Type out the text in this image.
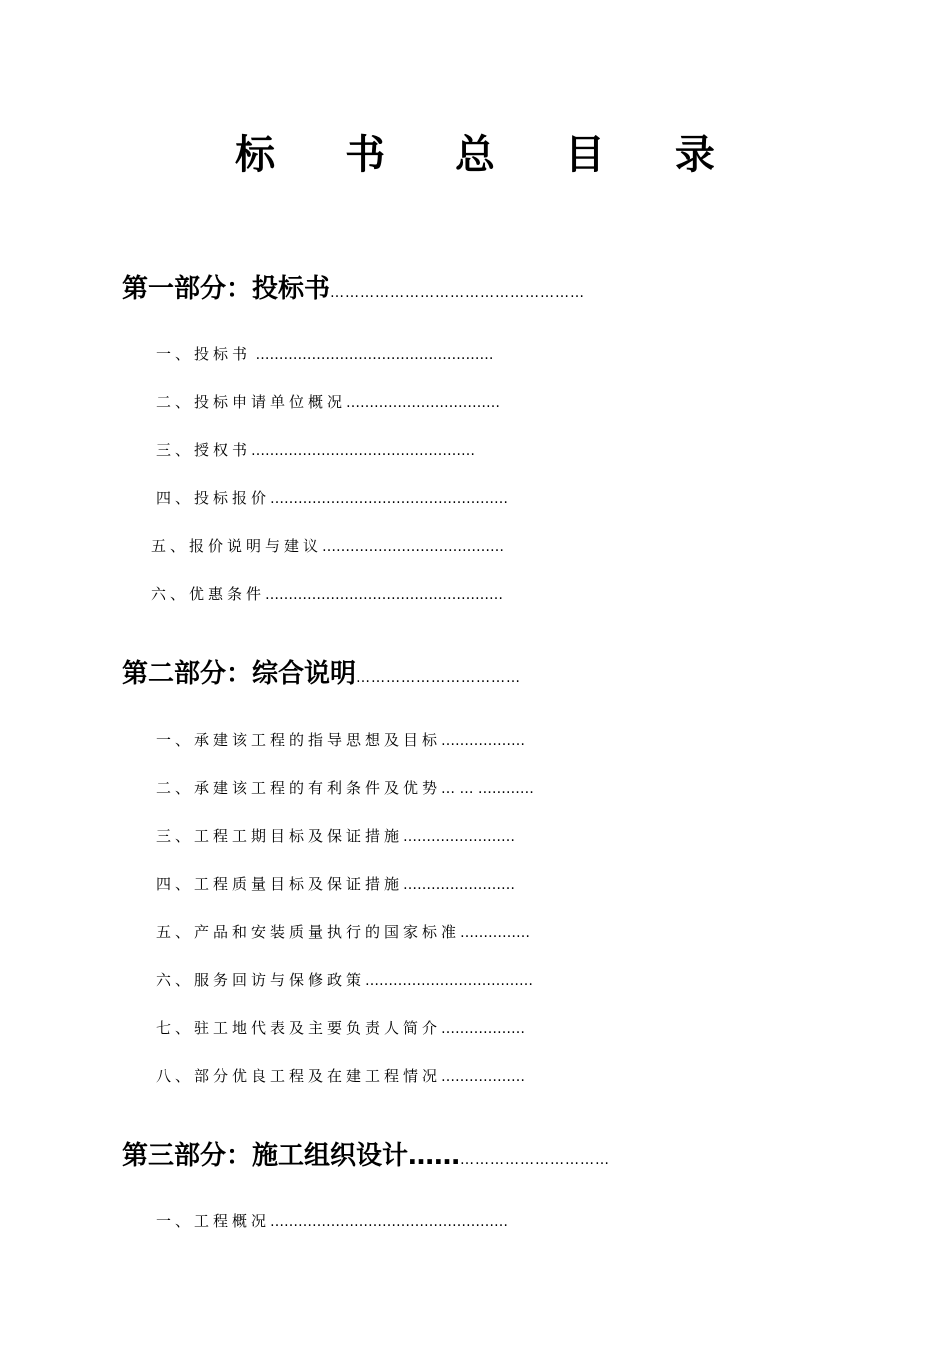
标 书 总 目 录
第一部分：投标书……………………………………………
一、投标书 ……………………………………………
二、投标申请单位概况……………………………
三、授权书…………………………………………
四、投标报价……………………………………………
五、报价说明与建议…………………………………
六、优惠条件……………………………………………
第二部分：综合说明……………………………
一、承建该工程的指导思想及目标………………
二、承建该工程的有利条件及优势… … …………
三、工程工期目标及保证措施……………………
四、工程质量目标及保证措施……………………
五、产品和安装质量执行的国家标准……………
六、服务回访与保修政策………………………………
七、驻工地代表及主要负责人简介………………
八、部分优良工程及在建工程情况………………
第三部分：施工组织设计………………………………
一、工程概况……………………………………………
